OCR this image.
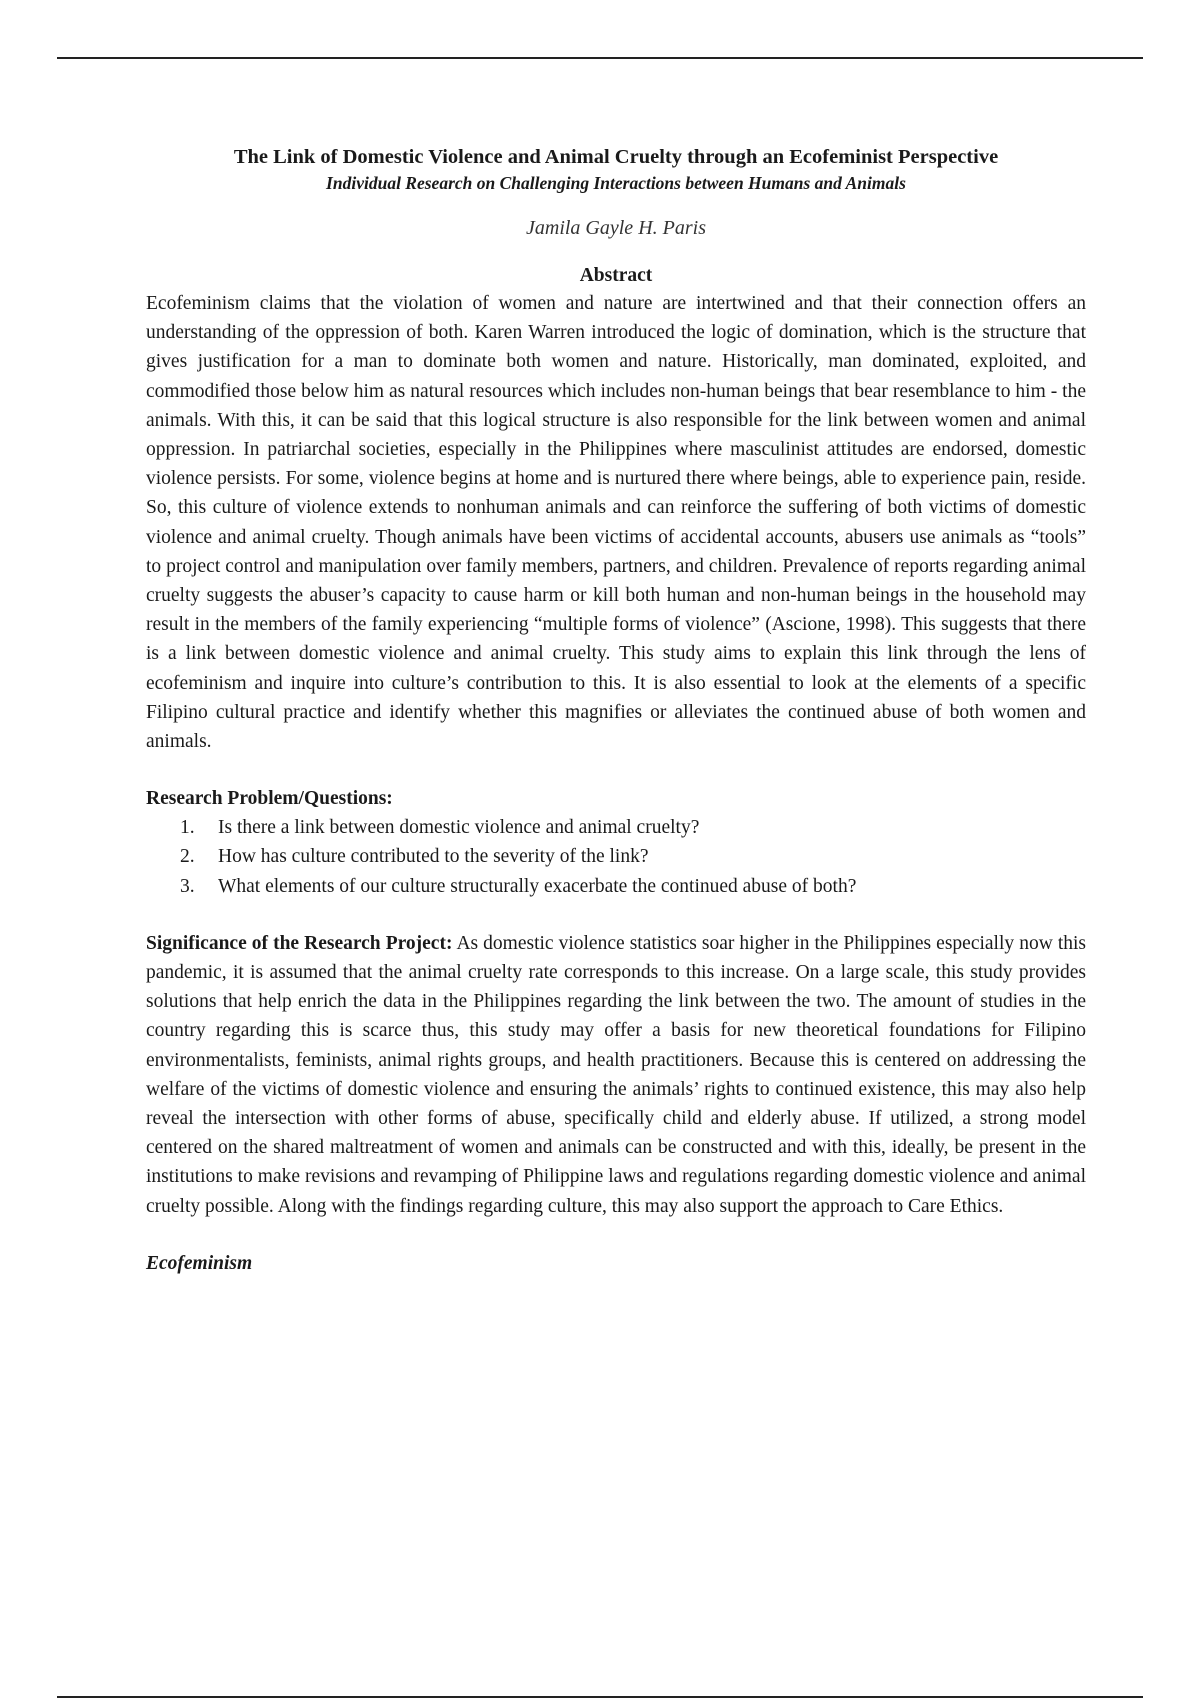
The Link of Domestic Violence and Animal Cruelty through an Ecofeminist Perspective
Individual Research on Challenging Interactions between Humans and Animals
Jamila Gayle H. Paris
Abstract

Ecofeminism claims that the violation of women and nature are intertwined and that their connection offers an understanding of the oppression of both. Karen Warren introduced the logic of domination, which is the structure that gives justification for a man to dominate both women and nature. Historically, man dominated, exploited, and commodified those below him as natural resources which includes non-human beings that bear resemblance to him - the animals. With this, it can be said that this logical structure is also responsible for the link between women and animal oppression. In patriarchal societies, especially in the Philippines where masculinist attitudes are endorsed, domestic violence persists. For some, violence begins at home and is nurtured there where beings, able to experience pain, reside. So, this culture of violence extends to nonhuman animals and can reinforce the suffering of both victims of domestic violence and animal cruelty. Though animals have been victims of accidental accounts, abusers use animals as “tools” to project control and manipulation over family members, partners, and children. Prevalence of reports regarding animal cruelty suggests the abuser’s capacity to cause harm or kill both human and non-human beings in the household may result in the members of the family experiencing “multiple forms of violence” (Ascione, 1998). This suggests that there is a link between domestic violence and animal cruelty. This study aims to explain this link through the lens of ecofeminism and inquire into culture’s contribution to this. It is also essential to look at the elements of a specific Filipino cultural practice and identify whether this magnifies or alleviates the continued abuse of both women and animals.

Research Problem/Questions:
1.	Is there a link between domestic violence and animal cruelty?
2.	How has culture contributed to the severity of the link?
3.	What elements of our culture structurally exacerbate the continued abuse of both?

Significance of the Research Project: As domestic violence statistics soar higher in the Philippines especially now this pandemic, it is assumed that the animal cruelty rate corresponds to this increase. On a large scale, this study provides solutions that help enrich the data in the Philippines regarding the link between the two. The amount of studies in the country regarding this is scarce thus, this study may offer a basis for new theoretical foundations for Filipino environmentalists, feminists, animal rights groups, and health practitioners. Because this is centered on addressing the welfare of the victims of domestic violence and ensuring the animals’ rights to continued existence, this may also help reveal the intersection with other forms of abuse, specifically child and elderly abuse. If utilized, a strong model centered on the shared maltreatment of women and animals can be constructed and with this, ideally, be present in the institutions to make revisions and revamping of Philippine laws and regulations regarding domestic violence and animal cruelty possible. Along with the findings regarding culture, this may also support the approach to Care Ethics.

Ecofeminism
